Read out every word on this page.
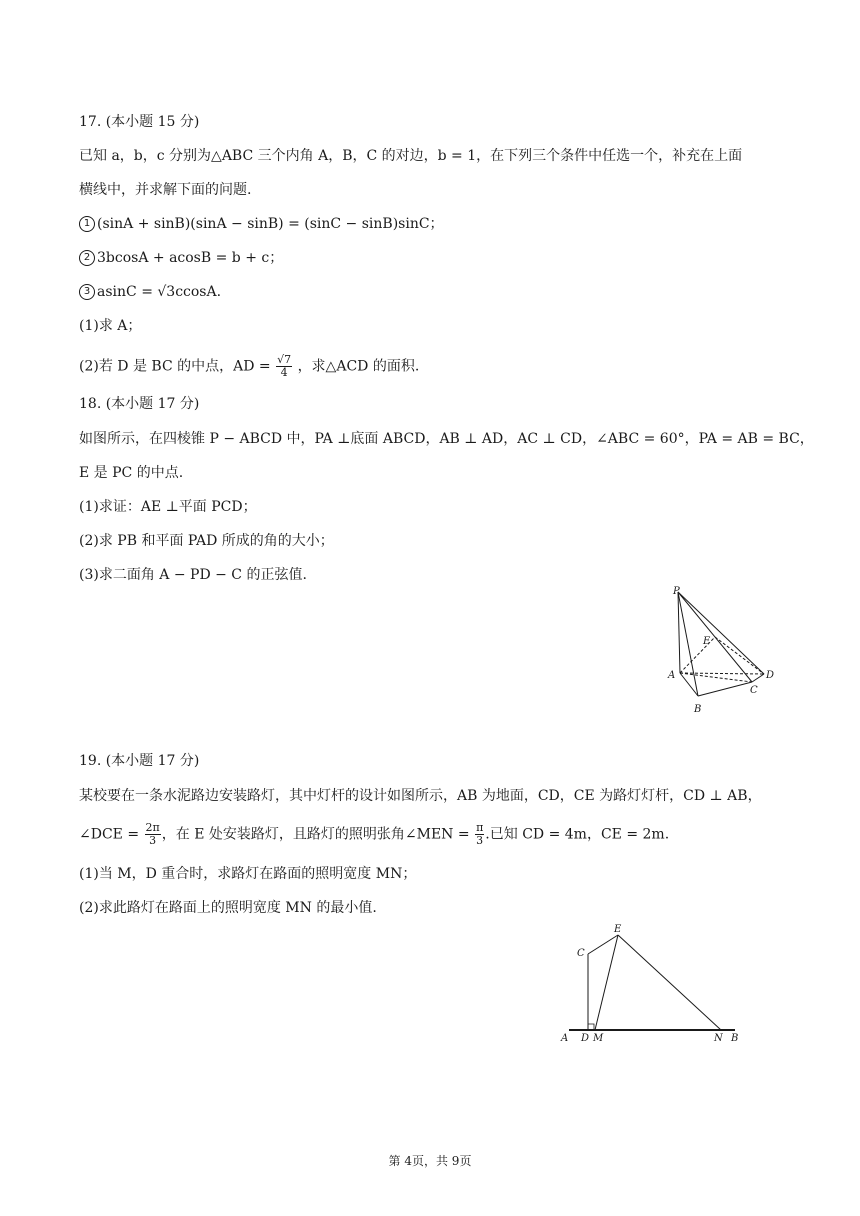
17. (本小题 15 分)
已知 a，b，c 分别为△ABC 三个内角 A，B，C 的对边，b = 1，在下列三个条件中任选一个，补充在上面
横线中，并求解下面的问题.
1 (sinA + sinB)(sinA − sinB) = (sinC − sinB)sinC；
2 3bcosA + acosB = b + c；
3 asinC = √3ccosA.
(1)求 A；
(2)若 D 是 BC 的中点，AD = $\frac{√7}{4}$ ，求△ACD 的面积.
18. (本小题 17 分)
如图所示，在四棱锥 P − ABCD 中，PA ⊥底面 ABCD，AB ⊥ AD，AC ⊥ CD，∠ABC = 60°，PA = AB = BC，
E 是 PC 的中点.
(1)求证：AE ⊥平面 PCD；
(2)求 PB 和平面 PAD 所成的角的大小；
(3)求二面角 A − PD − C 的正弦值.
P
E
A	D
C
B
19. (本小题 17 分)
某校要在一条水泥路边安装路灯，其中灯杆的设计如图所示，AB 为地面，CD，CE 为路灯灯杆，CD ⊥ AB，
∠DCE = $\frac{2\pi}{3}$ ，在 E 处安装路灯，且路灯的照明张角∠MEN = $\frac{\pi}{3}$ .已知 CD = 4m，CE = 2m.
(1)当 M，D 重合时，求路灯在路面的照明宽度 MN；
(2)求此路灯在路面上的照明宽度 MN 的最小值.
C
E
A D M	N B
第 4页，共 9页
